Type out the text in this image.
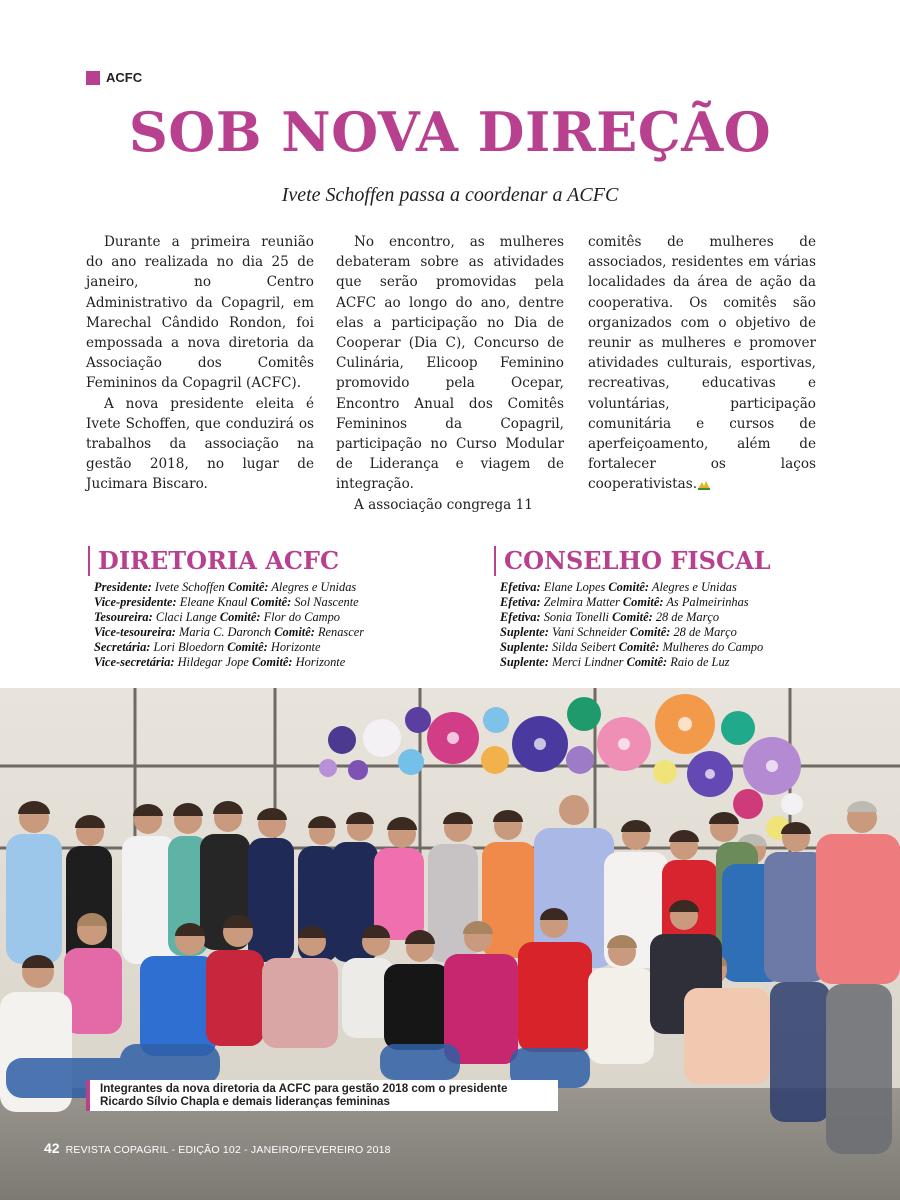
ACFC
SOB NOVA DIREÇÃO
Ivete Schoffen passa a coordenar a ACFC

Durante a primeira reunião do ano realizada no dia 25 de janeiro, no Centro Administrativo da Copagril, em Marechal Cândido Rondon, foi empossada a nova diretoria da Associação dos Comitês Femininos da Copagril (ACFC).

A nova presidente eleita é Ivete Schoffen, que conduzirá os trabalhos da associação na gestão 2018, no lugar de Jucimara Biscaro.

No encontro, as mulheres debateram sobre as atividades que serão promovidas pela ACFC ao longo do ano, dentre elas a participação no Dia de Cooperar (Dia C), Concurso de Culinária, Elicoop Feminino promovido pela Ocepar, Encontro Anual dos Comitês Femininos da Copagril, participação no Curso Modular de Liderança e viagem de integração.

A associação congrega 11

comitês de mulheres de associados, residentes em várias localidades da área de ação da cooperativa. Os comitês são organizados com o objetivo de reunir as mulheres e promover atividades culturais, esportivas, recreativas, educativas e voluntárias, participação comunitária e cursos de aperfeiçoamento, além de fortalecer os laços cooperativistas.

DIRETORIA ACFC
Presidente: Ivete Schoffen Comitê: Alegres e Unidas
Vice-presidente: Eleane Knaul Comitê: Sol Nascente
Tesoureira: Claci Lange Comitê: Flor do Campo
Vice-tesoureira: Maria C. Daronch Comitê: Renascer
Secretária: Lori Bloedorn Comitê: Horizonte
Vice-secretária: Hildegar Jope Comitê: Horizonte
CONSELHO FISCAL
Efetiva: Elane Lopes Comitê: Alegres e Unidas
Efetiva: Zelmira Matter Comitê: As Palmeirinhas
Efetiva: Sonia Tonelli Comitê: 28 de Março
Suplente: Vani Schneider Comitê: 28 de Março
Suplente: Silda Seibert Comitê: Mulheres do Campo
Suplente: Merci Lindner Comitê: Raio de Luz
Integrantes da nova diretoria da ACFC para gestão 2018 com o presidente Ricardo Sílvio Chapla e demais lideranças femininas
42 REVISTA COPAGRIL - EDIÇÃO 102 - JANEIRO/FEVEREIRO 2018
